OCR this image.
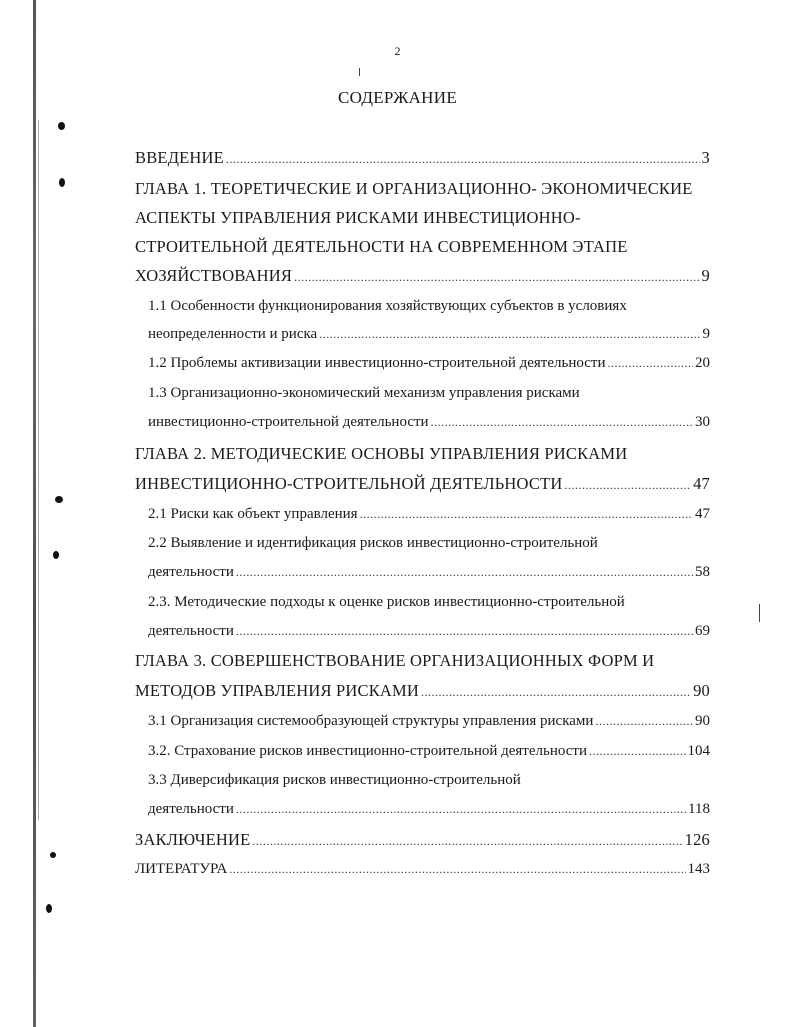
2
СОДЕРЖАНИЕ
ВВЕДЕНИЕ .....	3
ГЛАВА 1. ТЕОРЕТИЧЕСКИЕ И ОРГАНИЗАЦИОННО- ЭКОНОМИЧЕСКИЕ
АСПЕКТЫ УПРАВЛЕНИЯ РИСКАМИ ИНВЕСТИЦИОННО-
СТРОИТЕЛЬНОЙ ДЕЯТЕЛЬНОСТИ НА СОВРЕМЕННОМ ЭТАПЕ
ХОЗЯЙСТВОВАНИЯ .....	9
1.1 Особенности функционирования хозяйствующих субъектов в условиях
неопределенности и риска .....	9
1.2 Проблемы активизации инвестиционно-строительной деятельности .....	20
1.3 Организационно-экономический механизм управления рисками
инвестиционно-строительной деятельности .....	30
ГЛАВА 2. МЕТОДИЧЕСКИЕ ОСНОВЫ УПРАВЛЕНИЯ РИСКАМИ
ИНВЕСТИЦИОННО-СТРОИТЕЛЬНОЙ ДЕЯТЕЛЬНОСТИ .....	47
2.1 Риски как объект управления .....	47
2.2 Выявление и идентификация рисков инвестиционно-строительной
деятельности .....	58
2.3. Методические подходы к оценке рисков инвестиционно-строительной
деятельности .....	69
ГЛАВА 3. СОВЕРШЕНСТВОВАНИЕ ОРГАНИЗАЦИОННЫХ ФОРМ И
МЕТОДОВ УПРАВЛЕНИЯ РИСКАМИ .....	90
3.1 Организация системообразующей структуры управления рисками .....	90
3.2. Страхование рисков инвестиционно-строительной деятельности .....	104
3.3 Диверсификация рисков инвестиционно-строительной
деятельности .....	118
ЗАКЛЮЧЕНИЕ .....	126
ЛИТЕРАТУРА .....	143
